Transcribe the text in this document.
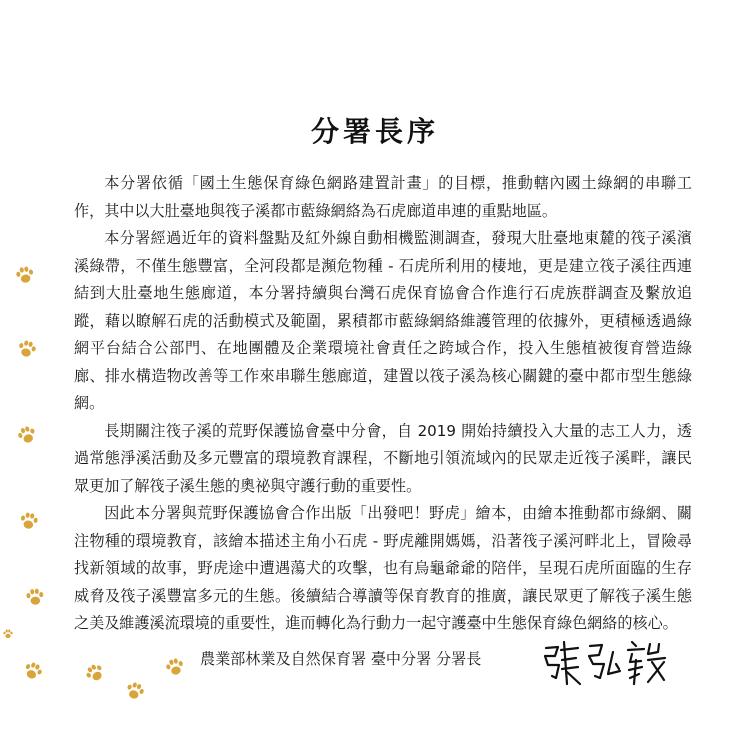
分署長序

本分署依循「國土生態保育綠色網路建置計畫」的目標，推動轄內國土綠網的串聯工作，其中以大肚臺地與筏子溪都市藍綠網絡為石虎廊道串連的重點地區。

本分署經過近年的資料盤點及紅外線自動相機監測調查，發現大肚臺地東麓的筏子溪濱溪綠帶，不僅生態豐富，全河段都是瀕危物種 - 石虎所利用的棲地，更是建立筏子溪往西連結到大肚臺地生態廊道，本分署持續與台灣石虎保育協會合作進行石虎族群調查及繫放追蹤，藉以瞭解石虎的活動模式及範圍，累積都市藍綠網絡維護管理的依據外，更積極透過綠網平台結合公部門、在地團體及企業環境社會責任之跨域合作，投入生態植被復育營造綠廊、排水構造物改善等工作來串聯生態廊道，建置以筏子溪為核心關鍵的臺中都市型生態綠網。

長期關注筏子溪的荒野保護協會臺中分會，自 2019 開始持續投入大量的志工人力，透過常態淨溪活動及多元豐富的環境教育課程，不斷地引領流域內的民眾走近筏子溪畔，讓民眾更加了解筏子溪生態的奧祕與守護行動的重要性。

因此本分署與荒野保護協會合作出版「出發吧！野虎」繪本，由繪本推動都市綠網、關注物種的環境教育，該繪本描述主角小石虎 - 野虎離開媽媽，沿著筏子溪河畔北上，冒險尋找新領域的故事，野虎途中遭遇蕩犬的攻擊，也有烏龜爺爺的陪伴，呈現石虎所面臨的生存威脅及筏子溪豐富多元的生態。後續結合導讀等保育教育的推廣，讓民眾更了解筏子溪生態之美及維護溪流環境的重要性，進而轉化為行動力一起守護臺中生態保育綠色網絡的核心。

農業部林業及自然保育署 臺中分署 分署長
